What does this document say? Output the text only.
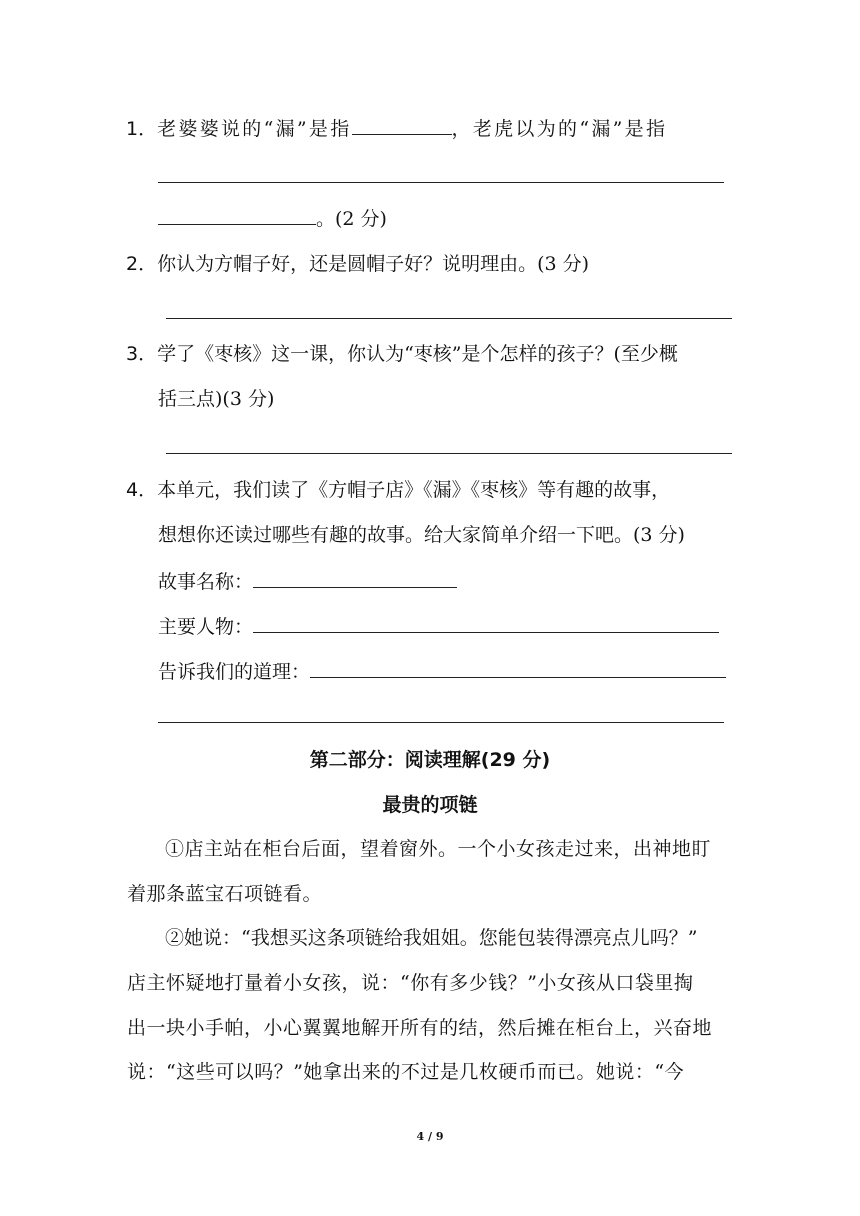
1．老婆婆说的“漏”是指	，老虎以为的“漏”是指
。(2 分)
2．你认为方帽子好，还是圆帽子好？说明理由。(3 分)
3．学了《枣核》这一课，你认为“枣核”是个怎样的孩子？(至少概
括三点)(3 分)
4．本单元，我们读了《方帽子店》《漏》《枣核》等有趣的故事，
想想你还读过哪些有趣的故事。给大家简单介绍一下吧。(3 分)
故事名称：
主要人物：
告诉我们的道理：
第二部分：阅读理解(29 分)
最贵的项链
①店主站在柜台后面，望着窗外。一个小女孩走过来，出神地盯
着那条蓝宝石项链看。
②她说：“我想买这条项链给我姐姐。您能包装得漂亮点儿吗？”
店主怀疑地打量着小女孩，说：“你有多少钱？”小女孩从口袋里掏
出一块小手帕，小心翼翼地解开所有的结，然后摊在柜台上，兴奋地
说：“这些可以吗？”她拿出来的不过是几枚硬币而已。她说：“今
4 / 9
